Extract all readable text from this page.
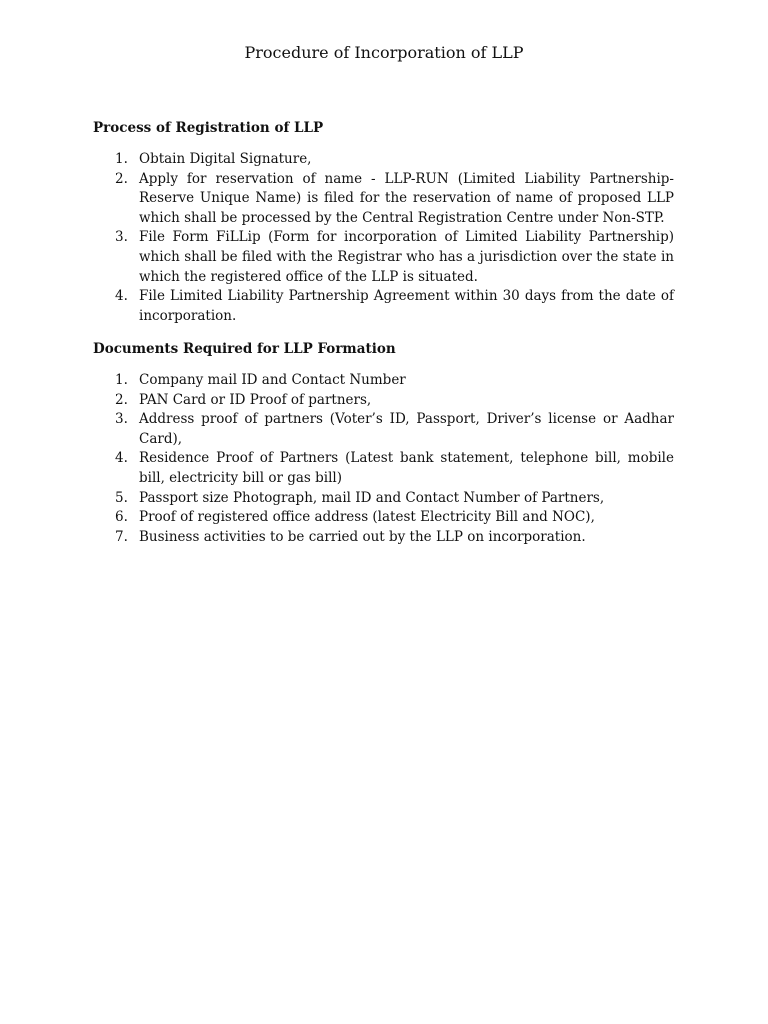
Procedure of Incorporation of LLP
Process of Registration of LLP
1. Obtain Digital Signature,
2. Apply for reservation of name - LLP-RUN (Limited Liability Partnership-Reserve Unique Name) is filed for the reservation of name of proposed LLP which shall be processed by the Central Registration Centre under Non-STP.
3. File Form FiLLip (Form for incorporation of Limited Liability Partnership) which shall be filed with the Registrar who has a jurisdiction over the state in which the registered office of the LLP is situated.
4. File Limited Liability Partnership Agreement within 30 days from the date of incorporation.
Documents Required for LLP Formation
1. Company mail ID and Contact Number
2. PAN Card or ID Proof of partners,
3. Address proof of partners (Voter’s ID, Passport, Driver’s license or Aadhar Card),
4. Residence Proof of Partners (Latest bank statement, telephone bill, mobile bill, electricity bill or gas bill)
5. Passport size Photograph, mail ID and Contact Number of Partners,
6. Proof of registered office address (latest Electricity Bill and NOC),
7. Business activities to be carried out by the LLP on incorporation.
